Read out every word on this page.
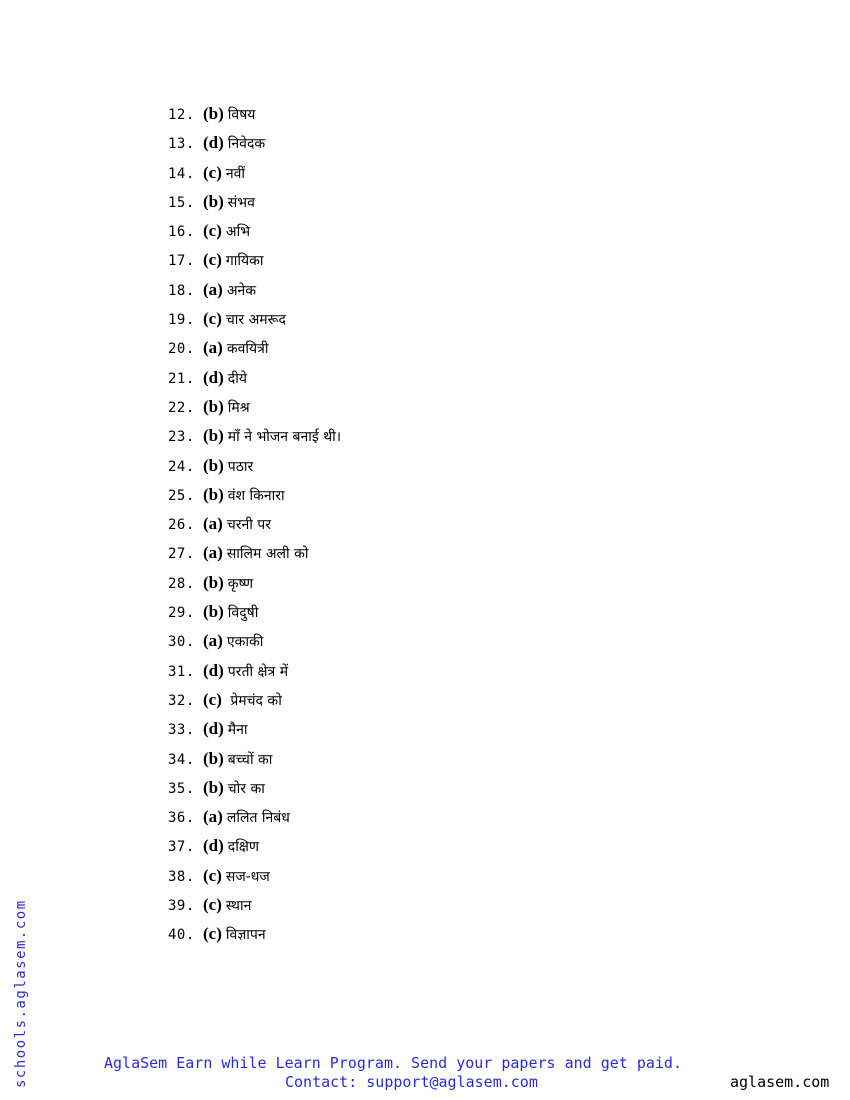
12. (b) विषय
13. (d) निवेदक
14. (c) नवीं
15. (b) संभव
16. (c) अभि
17. (c) गायिका
18. (a) अनेक
19. (c) चार अमरूद
20. (a) कवयित्री
21. (d) दीये
22. (b) मिश्र
23. (b) माँ ने भोजन बनाई थी।
24. (b) पठार
25. (b) वंश किनारा
26. (a) चरनी पर
27. (a) सालिम अली को
28. (b) कृष्ण
29. (b) विदुषी
30. (a) एकाकी
31. (d) परती क्षेत्र में
32. (c) प्रेमचंद को
33. (d) मैना
34. (b) बच्चों का
35. (b) चोर का
36. (a) ललित निबंध
37. (d) दक्षिण
38. (c) सज-धज
39. (c) स्थान
40. (c) विज्ञापन
schools.aglasem.com	AglaSem Earn while Learn Program. Send your papers and get paid.
Contact: support@aglasem.com	aglasem.com
